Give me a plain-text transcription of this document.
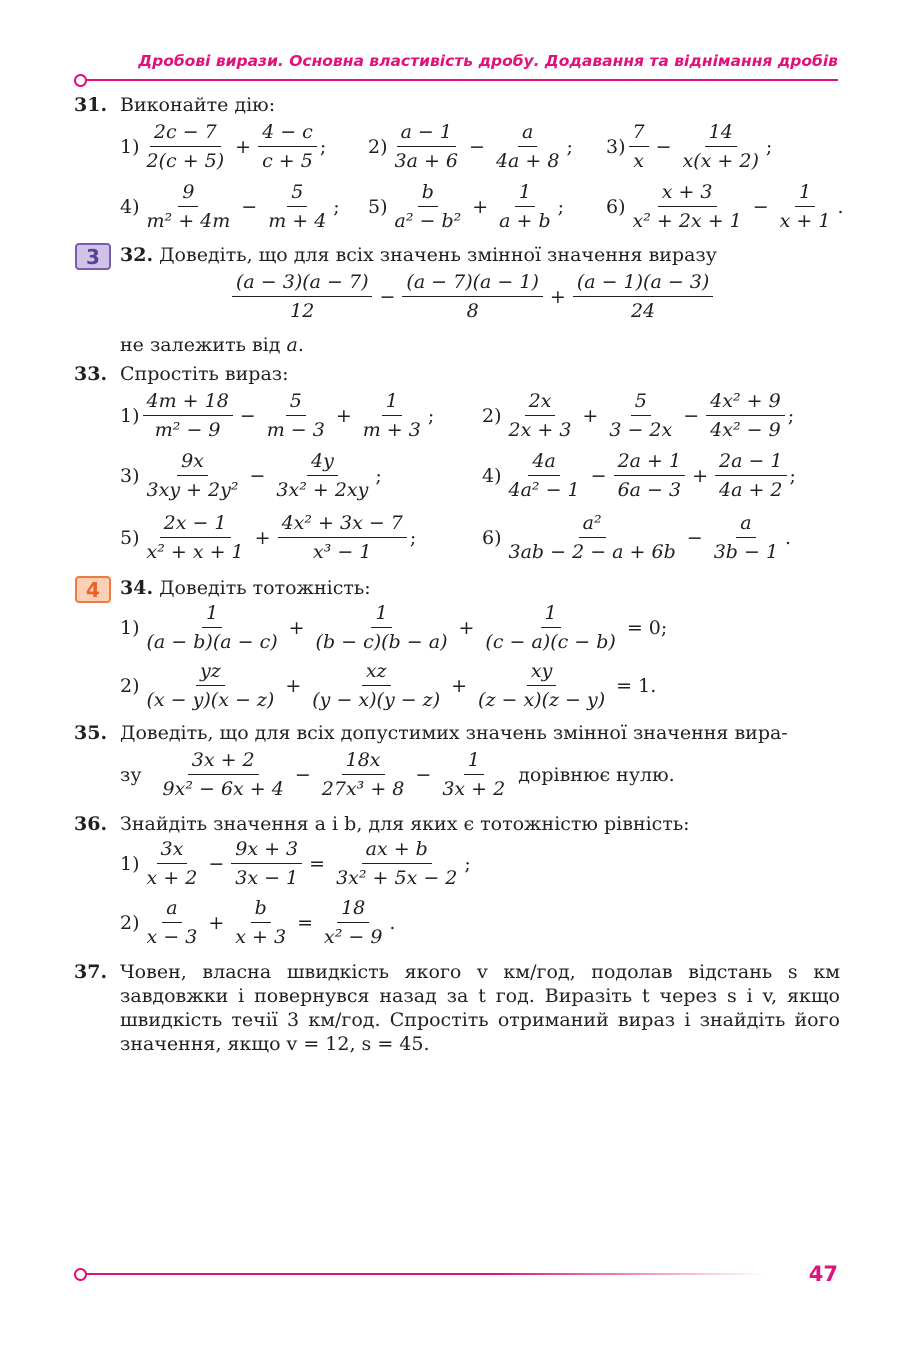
Дробові вирази. Основна властивість дробу. Додавання та віднімання дробів
31. Виконайте дію:
1)
2c − 7
2(c + 5)
+ $\frac{4 - c}{c + 5}$ ; 2)
a − 1
3a + 6
− $\frac{a}{4a + 8}$ ; 3)
7
x
− $\frac{14}{x(x + 2)}$ ;
4)
9
m² + 4m
− $\frac{5}{m + 4}$ ; 5)
b
a² − b²
+ $\frac{1}{a + b}$ ; 6)
x + 3
x² + 2x + 1
− $\frac{1}{x + 1}$ .
3	32. Доведіть, що для всіх значень змінної значення виразу
(a − 3)(a − 7)
12
− $\frac{(a - 7)(a - 1)}{8} + \frac{(a - 1)(a - 3)}{24}$
не залежить від a.
33. Спростіть вираз:
1)
4m + 18
m² − 9
− $\frac{5}{m - 3} + \frac{1}{m + 3}$ ;	2)
2x
2x + 3
+ $\frac{5}{3 - 2x} - \frac{\text{4x² + 9}}{\text{4x² − 9}}$ ;
3)
9x
3xy + 2y²
− $\frac{4y}{\text{3x² + 2xy}}$ ;	4)
4a
4a² − 1
− $\frac{2a + 1}{6a - 3} + \frac{2a - 1}{4a + 2}$ ;
5)
2x − 1
x² + x + 1
+ $\frac{\text{4x² + 3x − 7}}{\text{x³ − 1}}$ ;	6)
a²
3ab − 2 − a + 6b
− $\frac{a}{3b - 1}$ .
4	34. Доведіть тотожність:
1)
1
(a − b)(a − c)
+ $\frac{1}{(b - c)(b - a)} + \frac{1}{(c - a)(c - b)} = 0$;
2)
yz
(x − y)(x − z)
+ $\frac{xz}{(y - x)(y - z)} + \frac{xy}{(z - x)(z - y)} = 1$.
35. Доведіть, що для всіх допустимих значень змінної значення вира-
зу
3x + 2
9x² − 6x + 4
− $\frac{18x}{\text{27x³ + 8}} - \frac{1}{3x + 2}$ дорівнює нулю.
36. Знайдіть значення a і b, для яких є тотожністю рівність:
1)
3x
x + 2
− $\frac{9x + 3}{3x - 1} = \frac{ax + b}{\text{3x² + 5x − 2}}$ ;
2)
a
x − 3
+ $\frac{b}{x + 3} = \frac{18}{\text{x² − 9}}$ .
37. Човен, власна швидкість якого v км/год, подолав відстань s км завдовжки і повернувся назад за t год. Виразіть t через s і v, якщо швидкість течії 3 км/год. Спростіть отриманий вираз і знайдіть його значення, якщо v = 12, s = 45.
47
